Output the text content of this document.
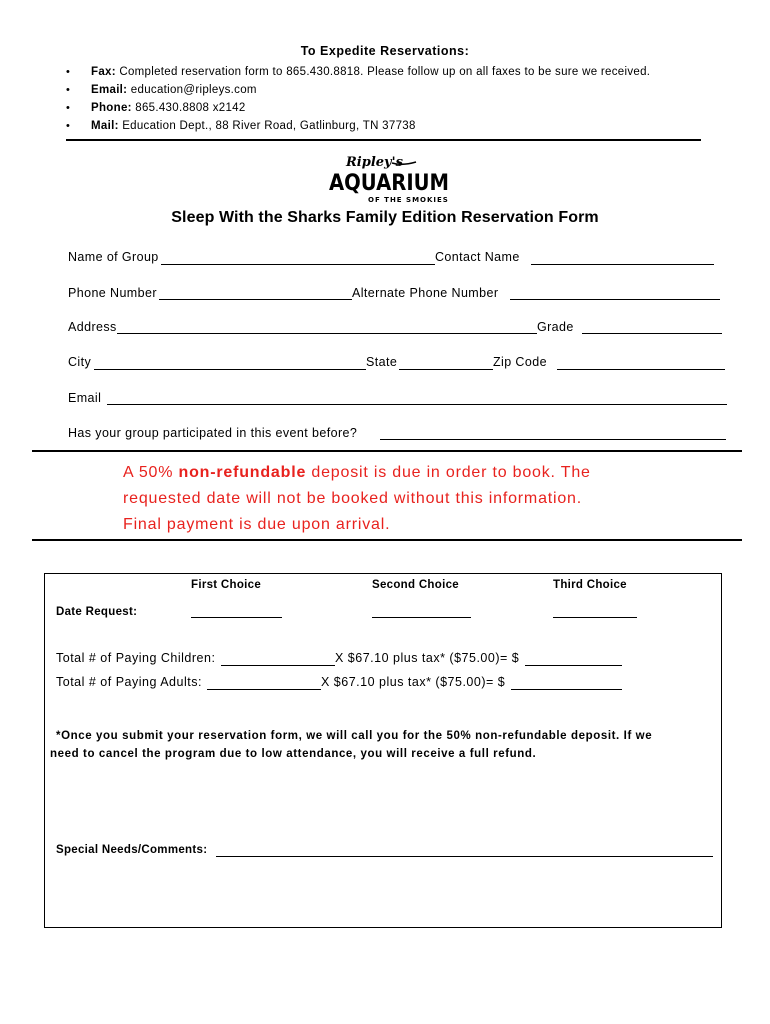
To Expedite Reservations:
• Fax: Completed reservation form to 865.430.8818. Please follow up on all faxes to be sure we received.
• Email: education@ripleys.com
• Phone: 865.430.8808 x2142
• Mail: Education Dept., 88 River Road, Gatlinburg, TN 37738
Ripley's
AQUARIUM
OF THE SMOKIES
Sleep With the Sharks Family Edition Reservation Form
Name of Group	Contact Name
Phone Number	Alternate Phone Number
Address	Grade
City	State	Zip Code
Email
Has your group participated in this event before?
A 50% non-refundable deposit is due in order to book. The
requested date will not be booked without this information.
Final payment is due upon arrival.
First Choice	Second Choice	Third Choice
Date Request:
Total # of Paying Children:	X $67.10 plus tax* ($75.00)= $
Total # of Paying Adults:	X $67.10 plus tax* ($75.00)= $
*Once you submit your reservation form, we will call you for the 50% non-refundable deposit. If we
need to cancel the program due to low attendance, you will receive a full refund.
Special Needs/Comments:
